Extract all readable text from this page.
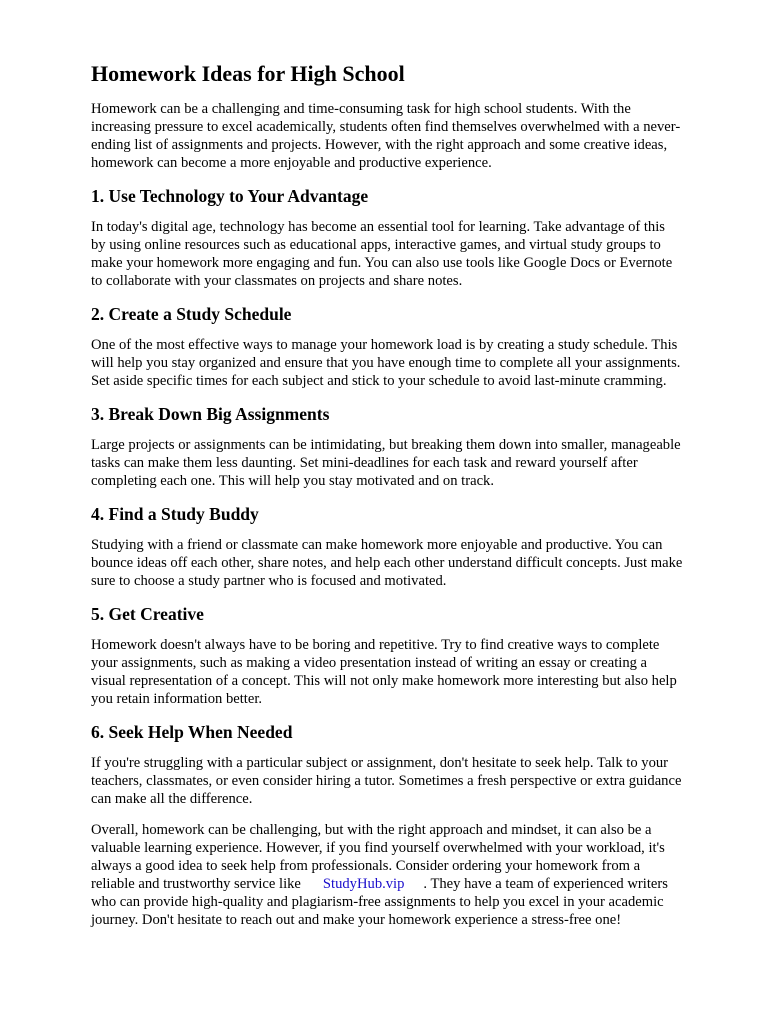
Homework Ideas for High School

Homework can be a challenging and time-consuming task for high school students. With the
increasing pressure to excel academically, students often find themselves overwhelmed with a never-
ending list of assignments and projects. However, with the right approach and some creative ideas,
homework can become a more enjoyable and productive experience.

1. Use Technology to Your Advantage

In today's digital age, technology has become an essential tool for learning. Take advantage of this
by using online resources such as educational apps, interactive games, and virtual study groups to
make your homework more engaging and fun. You can also use tools like Google Docs or Evernote
to collaborate with your classmates on projects and share notes.

2. Create a Study Schedule

One of the most effective ways to manage your homework load is by creating a study schedule. This
will help you stay organized and ensure that you have enough time to complete all your assignments.
Set aside specific times for each subject and stick to your schedule to avoid last-minute cramming.

3. Break Down Big Assignments

Large projects or assignments can be intimidating, but breaking them down into smaller, manageable
tasks can make them less daunting. Set mini-deadlines for each task and reward yourself after
completing each one. This will help you stay motivated and on track.

4. Find a Study Buddy

Studying with a friend or classmate can make homework more enjoyable and productive. You can
bounce ideas off each other, share notes, and help each other understand difficult concepts. Just make
sure to choose a study partner who is focused and motivated.

5. Get Creative

Homework doesn't always have to be boring and repetitive. Try to find creative ways to complete
your assignments, such as making a video presentation instead of writing an essay or creating a
visual representation of a concept. This will not only make homework more interesting but also help
you retain information better.

6. Seek Help When Needed

If you're struggling with a particular subject or assignment, don't hesitate to seek help. Talk to your
teachers, classmates, or even consider hiring a tutor. Sometimes a fresh perspective or extra guidance
can make all the difference.

Overall, homework can be challenging, but with the right approach and mindset, it can also be a
valuable learning experience. However, if you find yourself overwhelmed with your workload, it's
always a good idea to seek help from professionals. Consider ordering your homework from a
reliable and trustworthy service like StudyHub.vip . They have a team of experienced writers
who can provide high-quality and plagiarism-free assignments to help you excel in your academic
journey. Don't hesitate to reach out and make your homework experience a stress-free one!
